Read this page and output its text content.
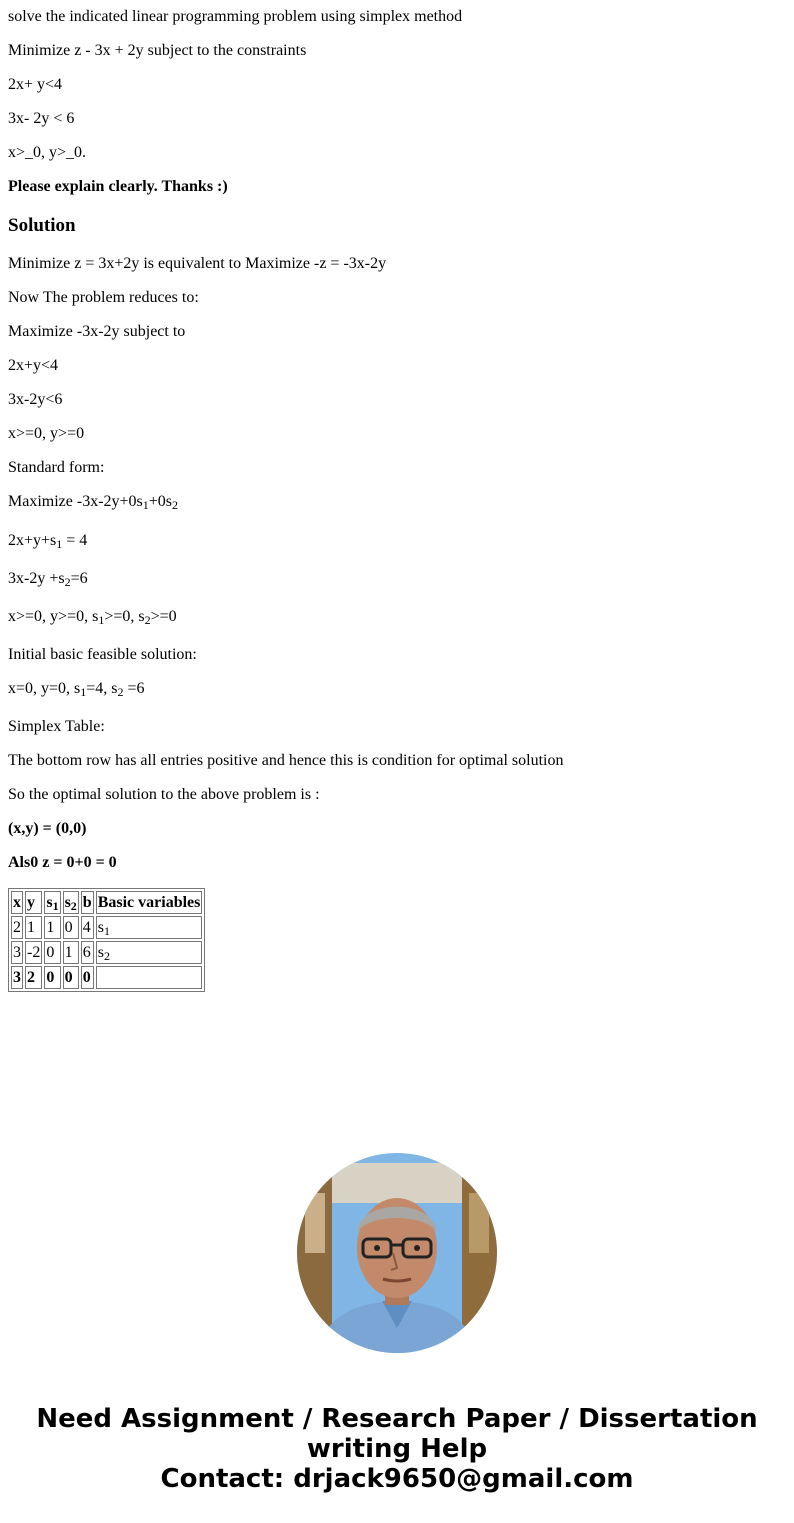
solve the indicated linear programming problem using simplex method

Minimize z - 3x + 2y subject to the constraints

2x+ y<4

3x- 2y < 6

x>_0, y>_0.

Please explain clearly. Thanks :)

Solution

Minimize z = 3x+2y is equivalent to Maximize -z = -3x-2y

Now The problem reduces to:

Maximize -3x-2y subject to

2x+y<4

3x-2y<6

x>=0, y>=0

Standard form:

Maximize $-3x-2y+0s_1+0s_2$

$2x+y+s_1 = 4$

$3x-2y +s_2=6$

x>=0, y>=0, $s_1>=0$, $s_2>=0$

Initial basic feasible solution:

x=0, y=0, $s_1=4$, $s_2 =6$

Simplex Table:

The bottom row has all entries positive and hence this is condition for optimal solution

So the optimal solution to the above problem is :

(x,y) = (0,0)

Als0 z = 0+0 = 0

x	y	$s_1$	$s_2$	b	Basic variables
2	1	1	0	4	$s_1$
3	-2	0	1	6	$s_2$
3	2	0	0	0	
Need Assignment / Research Paper / Dissertation
writing Help
Contact: drjack9650@gmail.com
